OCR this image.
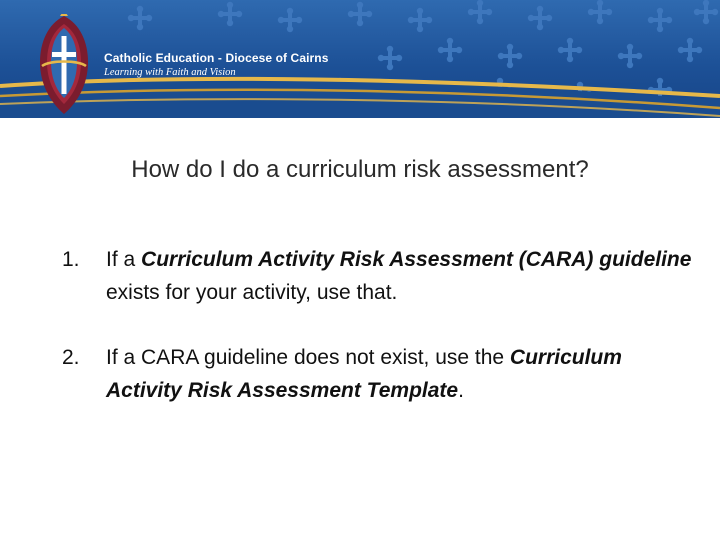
Catholic Education - Diocese of Cairns
Learning with Faith and Vision
How do I do a curriculum risk assessment?
1. If a Curriculum Activity Risk Assessment (CARA) guideline exists for your activity, use that.
2. If a CARA guideline does not exist, use the Curriculum Activity Risk Assessment Template.
